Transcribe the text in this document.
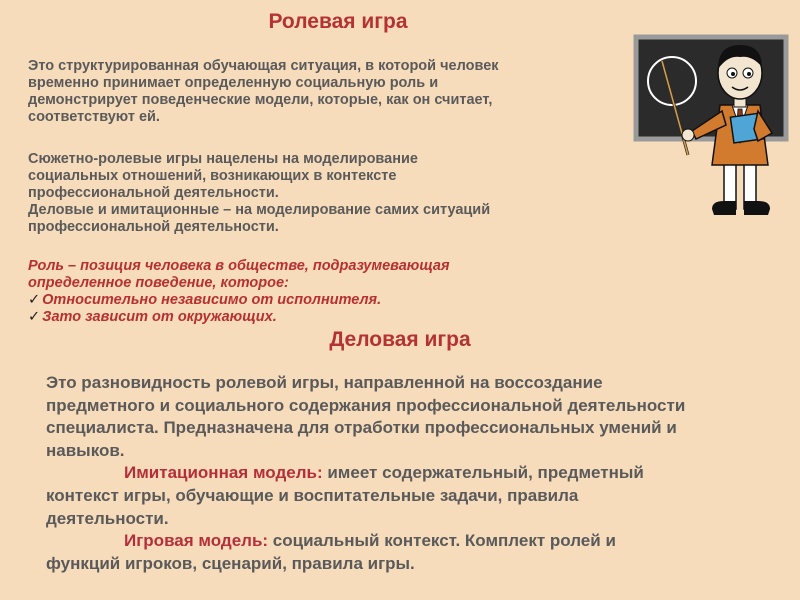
Ролевая игра
Это структурированная обучающая ситуация, в которой человек
временно принимает определенную социальную роль и
демонстрирует поведенческие модели, которые, как он считает,
соответствуют ей.
Сюжетно-ролевые игры нацелены на моделирование
социальных отношений, возникающих в контексте
профессиональной деятельности.
Деловые и имитационные – на моделирование самих ситуаций
профессиональной деятельности.
Роль – позиция человека в обществе, подразумевающая
определенное поведение, которое:
✓ Относительно независимо от исполнителя.
✓ Зато зависит от окружающих.
Деловая игра
Это разновидность ролевой игры, направленной на воссоздание
предметного и социального содержания профессиональной деятельности
специалиста. Предназначена для отработки профессиональных умений и
навыков.
Имитационная модель: имеет содержательный, предметный
контекст игры, обучающие и воспитательные задачи, правила
деятельности.
Игровая модель: социальный контекст. Комплект ролей и
функций игроков, сценарий, правила игры.
